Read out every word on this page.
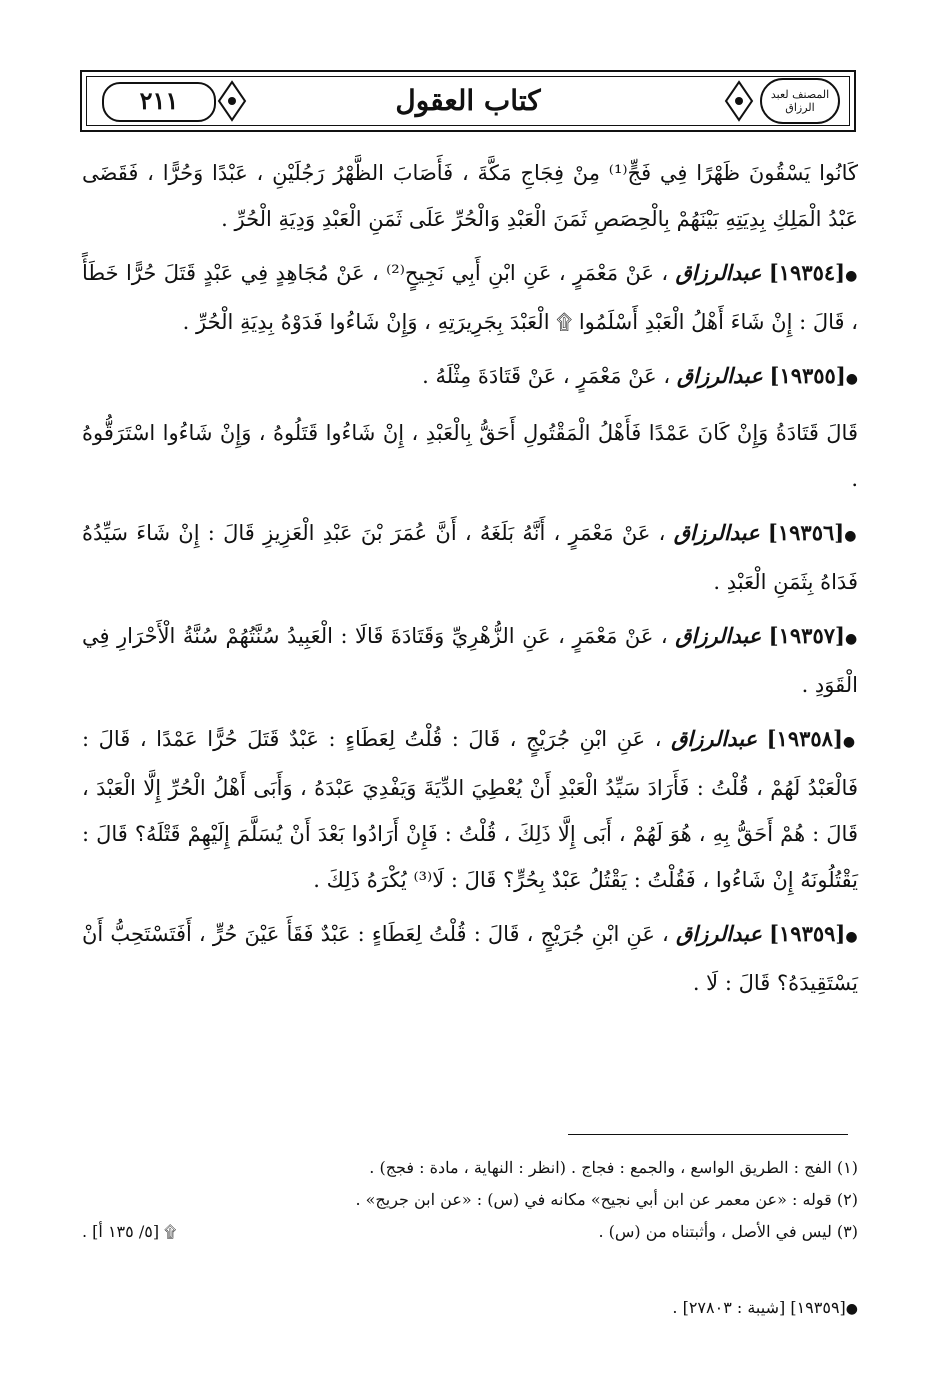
المصنف لعبد الرزاق
كتاب العقول
٢١١

كَانُوا يَسْقُونَ ظَهْرًا فِي فَجٍّ⁽¹⁾ مِنْ فِجَاجِ مَكَّةَ ، فَأَصَابَ الظَّهْرُ رَجُلَيْنِ ، عَبْدًا وَحُرًّا ، فَقَضَى عَبْدُ الْمَلِكِ بِدِيَتِهِ بَيْنَهُمْ بِالْحِصَصِ ثَمَنَ الْعَبْدِ وَالْحُرِّ عَلَى ثَمَنِ الْعَبْدِ وَدِيَةِ الْحُرِّ .

●[١٩٣٥٤] عبدالرزاق ، عَنْ مَعْمَرٍ ، عَنِ ابْنِ أَبِي نَجِيحٍ⁽²⁾ ، عَنْ مُجَاهِدٍ فِي عَبْدٍ قَتَلَ حُرًّا خَطَأً ، قَالَ : إِنْ شَاءَ أَهْلُ الْعَبْدِ أَسْلَمُوا ۩ الْعَبْدَ بِجَرِيرَتِهِ ، وَإِنْ شَاءُوا فَدَوْهُ بِدِيَةِ الْحُرِّ .

●[١٩٣٥٥] عبدالرزاق ، عَنْ مَعْمَرٍ ، عَنْ قَتَادَةَ مِثْلَهُ .

قَالَ قَتَادَةُ وَإِنْ كَانَ عَمْدًا فَأَهْلُ الْمَقْتُولِ أَحَقُّ بِالْعَبْدِ ، إِنْ شَاءُوا قَتَلُوهُ ، وَإِنْ شَاءُوا اسْتَرَقُّوهُ .

●[١٩٣٥٦] عبدالرزاق ، عَنْ مَعْمَرٍ ، أَنَّهُ بَلَغَهُ ، أَنَّ عُمَرَ بْنَ عَبْدِ الْعَزِيزِ قَالَ : إِنْ شَاءَ سَيِّدُهُ فَدَاهُ بِثَمَنِ الْعَبْدِ .

●[١٩٣٥٧] عبدالرزاق ، عَنْ مَعْمَرٍ ، عَنِ الزُّهْرِيِّ وَقَتَادَةَ قَالَا : الْعَبِيدُ سُنَّتُهُمْ سُنَّةُ الْأَحْرَارِ فِي الْقَوَدِ .

●[١٩٣٥٨] عبدالرزاق ، عَنِ ابْنِ جُرَيْجٍ ، قَالَ : قُلْتُ لِعَطَاءٍ : عَبْدٌ قَتَلَ حُرًّا عَمْدًا ، قَالَ : فَالْعَبْدُ لَهُمْ ، قُلْتُ : فَأَرَادَ سَيِّدُ الْعَبْدِ أَنْ يُعْطِيَ الدِّيَةَ وَيَفْدِيَ عَبْدَهُ ، وَأَبَى أَهْلُ الْحُرِّ إِلَّا الْعَبْدَ ، قَالَ : هُمْ أَحَقُّ بِهِ ، هُوَ لَهُمْ ، أَبَى إِلَّا ذَلِكَ ، قُلْتُ : فَإِنْ أَرَادُوا بَعْدَ أَنْ يُسَلَّمَ إِلَيْهِمْ قَتْلَهُ؟ قَالَ : يَقْتُلُونَهُ إِنْ شَاءُوا ، فَقُلْتُ : يَقْتُلُ عَبْدٌ بِحُرٍّ؟ قَالَ : لَا⁽³⁾ يُكْرَهُ ذَلِكَ .

●[١٩٣٥٩] عبدالرزاق ، عَنِ ابْنِ جُرَيْجٍ ، قَالَ : قُلْتُ لِعَطَاءٍ : عَبْدٌ فَقَأَ عَيْنَ حُرٍّ ، أَفَتَسْتَحِبُّ أَنْ يَسْتَقِيدَهُ؟ قَالَ : لَا .

(١) الفج : الطريق الواسع ، والجمع : فجاج . (انظر : النهاية ، مادة : فجج) .
(٢) قوله : «عن معمر عن ابن أبي نجيح» مكانه في (س) : «عن ابن جريج» .
(٣) ليس في الأصل ، وأثبتناه من (س) .
۩ [٥/ ١٣٥ أ] .
●[١٩٣٥٩] [شيبة : ٢٧٨٠٣] .
